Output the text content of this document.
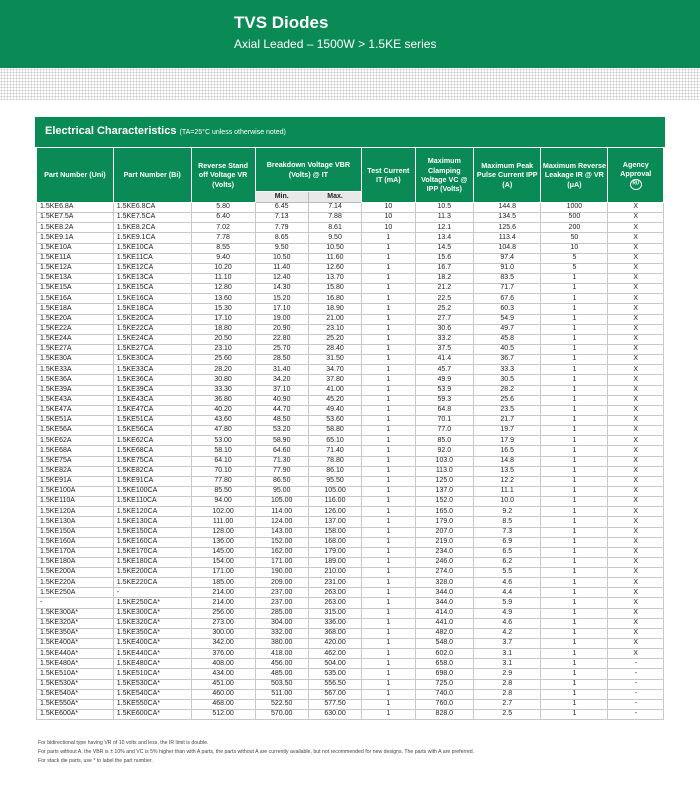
TVS Diodes
Axial Leaded – 1500W > 1.5KE series
Electrical Characteristics (TA=25°C unless otherwise noted)
Part Number (Uni)	Part Number (Bi)	Reverse Stand off Voltage VR (Volts)	Breakdown Voltage VBR (Volts) @ IT		Test Current IT (mA)	Maximum Clamping Voltage VC @ IPP (Volts)	Maximum Peak Pulse Current IPP (A)	Maximum Reverse Leakage IR @ VR (μA)	Agency Approval
ᴿᵁ
			Min.	Max.					
1.5KE6.8A	1.5KE6.8CA	5.80	6.45	7.14	10	10.5	144.8	1000	X
1.5KE7.5A	1.5KE7.5CA	6.40	7.13	7.88	10	11.3	134.5	500	X
1.5KE8.2A	1.5KE8.2CA	7.02	7.79	8.61	10	12.1	125.6	200	X
1.5KE9.1A	1.5KE9.1CA	7.78	8.65	9.50	1	13.4	113.4	50	X
1.5KE10A	1.5KE10CA	8.55	9.50	10.50	1	14.5	104.8	10	X
1.5KE11A	1.5KE11CA	9.40	10.50	11.60	1	15.6	97.4	5	X
1.5KE12A	1.5KE12CA	10.20	11.40	12.60	1	16.7	91.0	5	X
1.5KE13A	1.5KE13CA	11.10	12.40	13.70	1	18.2	83.5	1	X
1.5KE15A	1.5KE15CA	12.80	14.30	15.80	1	21.2	71.7	1	X
1.5KE16A	1.5KE16CA	13.60	15.20	16.80	1	22.5	67.6	1	X
1.5KE18A	1.5KE18CA	15.30	17.10	18.90	1	25.2	60.3	1	X
1.5KE20A	1.5KE20CA	17.10	19.00	21.00	1	27.7	54.9	1	X
1.5KE22A	1.5KE22CA	18.80	20.90	23.10	1	30.6	49.7	1	X
1.5KE24A	1.5KE24CA	20.50	22.80	25.20	1	33.2	45.8	1	X
1.5KE27A	1.5KE27CA	23.10	25.70	28.40	1	37.5	40.5	1	X
1.5KE30A	1.5KE30CA	25.60	28.50	31.50	1	41.4	36.7	1	X
1.5KE33A	1.5KE33CA	28.20	31.40	34.70	1	45.7	33.3	1	X
1.5KE36A	1.5KE36CA	30.80	34.20	37.80	1	49.9	30.5	1	X
1.5KE39A	1.5KE39CA	33.30	37.10	41.00	1	53.9	28.2	1	X
1.5KE43A	1.5KE43CA	36.80	40.90	45.20	1	59.3	25.6	1	X
1.5KE47A	1.5KE47CA	40.20	44.70	49.40	1	64.8	23.5	1	X
1.5KE51A	1.5KE51CA	43.60	48.50	53.60	1	70.1	21.7	1	X
1.5KE56A	1.5KE56CA	47.80	53.20	58.80	1	77.0	19.7	1	X
1.5KE62A	1.5KE62CA	53.00	58.90	65.10	1	85.0	17.9	1	X
1.5KE68A	1.5KE68CA	58.10	64.60	71.40	1	92.0	16.5	1	X
1.5KE75A	1.5KE75CA	64.10	71.30	78.80	1	103.0	14.8	1	X
1.5KE82A	1.5KE82CA	70.10	77.90	86.10	1	113.0	13.5	1	X
1.5KE91A	1.5KE91CA	77.80	86.50	95.50	1	125.0	12.2	1	X
1.5KE100A	1.5KE100CA	85.50	95.00	105.00	1	137.0	11.1	1	X
1.5KE110A	1.5KE110CA	94.00	105.00	116.00	1	152.0	10.0	1	X
1.5KE120A	1.5KE120CA	102.00	114.00	126.00	1	165.0	9.2	1	X
1.5KE130A	1.5KE130CA	111.00	124.00	137.00	1	179.0	8.5	1	X
1.5KE150A	1.5KE150CA	128.00	143.00	158.00	1	207.0	7.3	1	X
1.5KE160A	1.5KE160CA	136.00	152.00	168.00	1	219.0	6.9	1	X
1.5KE170A	1.5KE170CA	145.00	162.00	179.00	1	234.0	6.5	1	X
1.5KE180A	1.5KE180CA	154.00	171.00	189.00	1	246.0	6.2	1	X
1.5KE200A	1.5KE200CA	171.00	190.00	210.00	1	274.0	5.5	1	X
1.5KE220A	1.5KE220CA	185.00	209.00	231.00	1	328.0	4.6	1	X
1.5KE250A	-	214.00	237.00	263.00	1	344.0	4.4	1	X
-	1.5KE250CA*	214.00	237.00	263.00	1	344.0	5.9	1	X
1.5KE300A*	1.5KE300CA*	256.00	285.00	315.00	1	414.0	4.9	1	X
1.5KE320A*	1.5KE320CA*	273.00	304.00	336.00	1	441.0	4.6	1	X
1.5KE350A*	1.5KE350CA*	300.00	332.00	368.00	1	482.0	4.2	1	X
1.5KE400A*	1.5KE400CA*	342.00	380.00	420.00	1	548.0	3.7	1	X
1.5KE440A*	1.5KE440CA*	376.00	418.00	462.00	1	602.0	3.1	1	X
1.5KE480A*	1.5KE480CA*	408.00	456.00	504.00	1	658.0	3.1	1	-
1.5KE510A*	1.5KE510CA*	434.00	485.00	535.00	1	698.0	2.9	1	-
1.5KE530A*	1.5KE530CA*	451.00	503.50	556.50	1	725.0	2.8	1	-
1.5KE540A*	1.5KE540CA*	460.00	511.00	567.00	1	740.0	2.8	1	-
1.5KE550A*	1.5KE550CA*	468.00	522.50	577.50	1	760.0	2.7	1	-
1.5KE600A*	1.5KE600CA*	512.00	570.00	630.00	1	828.0	2.5	1	-
For bidirectional type having VR of 10 volts and less, the IR limit is double.
For parts without A, the VBR is ± 10% and VC is 5% higher than with A parts, the parts without A are currently available, but not recommended for new designs. The parts with A are preferred.
For stack die parts, use * to label the part number.
